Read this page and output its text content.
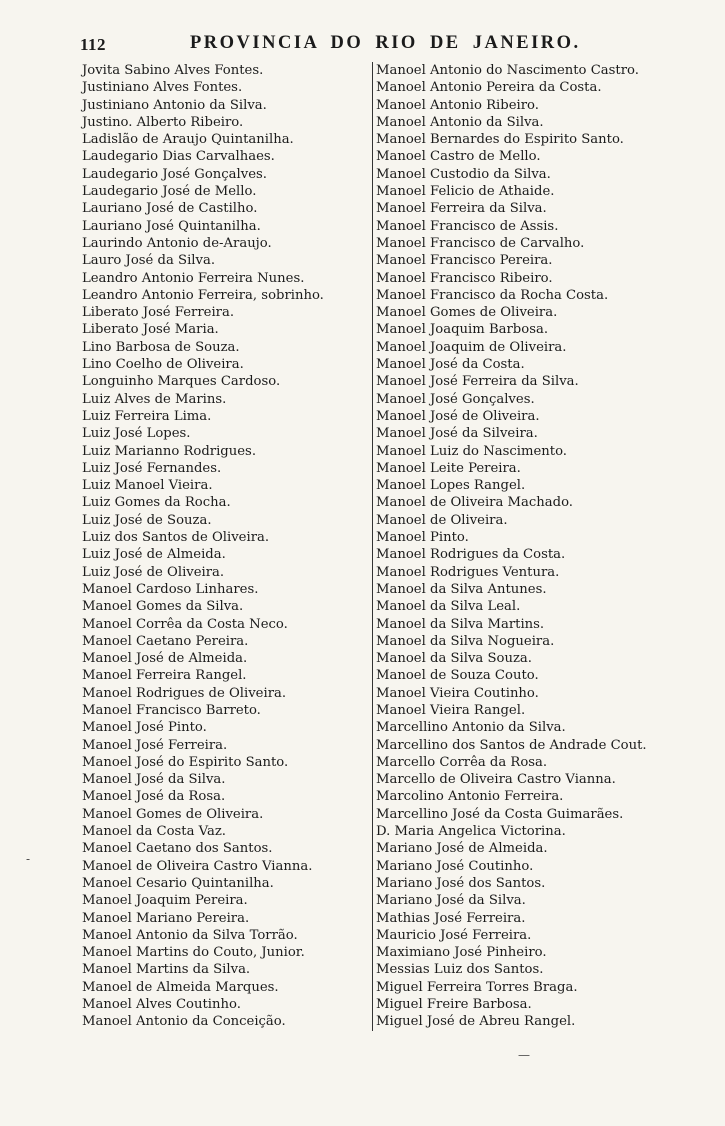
112	PROVINCIA DO RIO DE JANEIRO.
Jovita Sabino Alves Fontes.
Justiniano Alves Fontes.
Justiniano Antonio da Silva.
Justino. Alberto Ribeiro.
Ladislão de Araujo Quintanilha.
Laudegario Dias Carvalhaes.
Laudegario José Gonçalves.
Laudegario José de Mello.
Lauriano José de Castilho.
Lauriano José Quintanilha.
Laurindo Antonio de-Araujo.
Lauro José da Silva.
Leandro Antonio Ferreira Nunes.
Leandro Antonio Ferreira, sobrinho.
Liberato José Ferreira.
Liberato José Maria.
Lino Barbosa de Souza.
Lino Coelho de Oliveira.
Longuinho Marques Cardoso.
Luiz Alves de Marins.
Luiz Ferreira Lima.
Luiz José Lopes.
Luiz Marianno Rodrigues.
Luiz José Fernandes.
Luiz Manoel Vieira.
Luiz Gomes da Rocha.
Luiz José de Souza.
Luiz dos Santos de Oliveira.
Luiz José de Almeida.
Luiz José de Oliveira.
Manoel Cardoso Linhares.
Manoel Gomes da Silva.
Manoel Corrêa da Costa Neco.
Manoel Caetano Pereira.
Manoel José de Almeida.
Manoel Ferreira Rangel.
Manoel Rodrigues de Oliveira.
Manoel Francisco Barreto.
Manoel José Pinto.
Manoel José Ferreira.
Manoel José do Espirito Santo.
Manoel José da Silva.
Manoel José da Rosa.
Manoel Gomes de Oliveira.
Manoel da Costa Vaz.
Manoel Caetano dos Santos.
Manoel de Oliveira Castro Vianna.
Manoel Cesario Quintanilha.
Manoel Joaquim Pereira.
Manoel Mariano Pereira.
Manoel Antonio da Silva Torrão.
Manoel Martins do Couto, Junior.
Manoel Martins da Silva.
Manoel de Almeida Marques.
Manoel Alves Coutinho.
Manoel Antonio da Conceição.
Manoel Antonio do Nascimento Castro.
Manoel Antonio Pereira da Costa.
Manoel Antonio Ribeiro.
Manoel Antonio da Silva.
Manoel Bernardes do Espirito Santo.
Manoel Castro de Mello.
Manoel Custodio da Silva.
Manoel Felicio de Athaide.
Manoel Ferreira da Silva.
Manoel Francisco de Assis.
Manoel Francisco de Carvalho.
Manoel Francisco Pereira.
Manoel Francisco Ribeiro.
Manoel Francisco da Rocha Costa.
Manoel Gomes de Oliveira.
Manoel Joaquim Barbosa.
Manoel Joaquim de Oliveira.
Manoel José da Costa.
Manoel José Ferreira da Silva.
Manoel José Gonçalves.
Manoel José de Oliveira.
Manoel José da Silveira.
Manoel Luiz do Nascimento.
Manoel Leite Pereira.
Manoel Lopes Rangel.
Manoel de Oliveira Machado.
Manoel de Oliveira.
Manoel Pinto.
Manoel Rodrigues da Costa.
Manoel Rodrigues Ventura.
Manoel da Silva Antunes.
Manoel da Silva Leal.
Manoel da Silva Martins.
Manoel da Silva Nogueira.
Manoel da Silva Souza.
Manoel de Souza Couto.
Manoel Vieira Coutinho.
Manoel Vieira Rangel.
Marcellino Antonio da Silva.
Marcellino dos Santos de Andrade Cout.
Marcello Corrêa da Rosa.
Marcello de Oliveira Castro Vianna.
Marcolino Antonio Ferreira.
Marcellino José da Costa Guimarães.
D. Maria Angelica Victorina.
Mariano José de Almeida.
Mariano José Coutinho.
Mariano José dos Santos.
Mariano José da Silva.
Mathias José Ferreira.
Mauricio José Ferreira.
Maximiano José Pinheiro.
Messias Luiz dos Santos.
Miguel Ferreira Torres Braga.
Miguel Freire Barbosa.
Miguel José de Abreu Rangel.
-
—
